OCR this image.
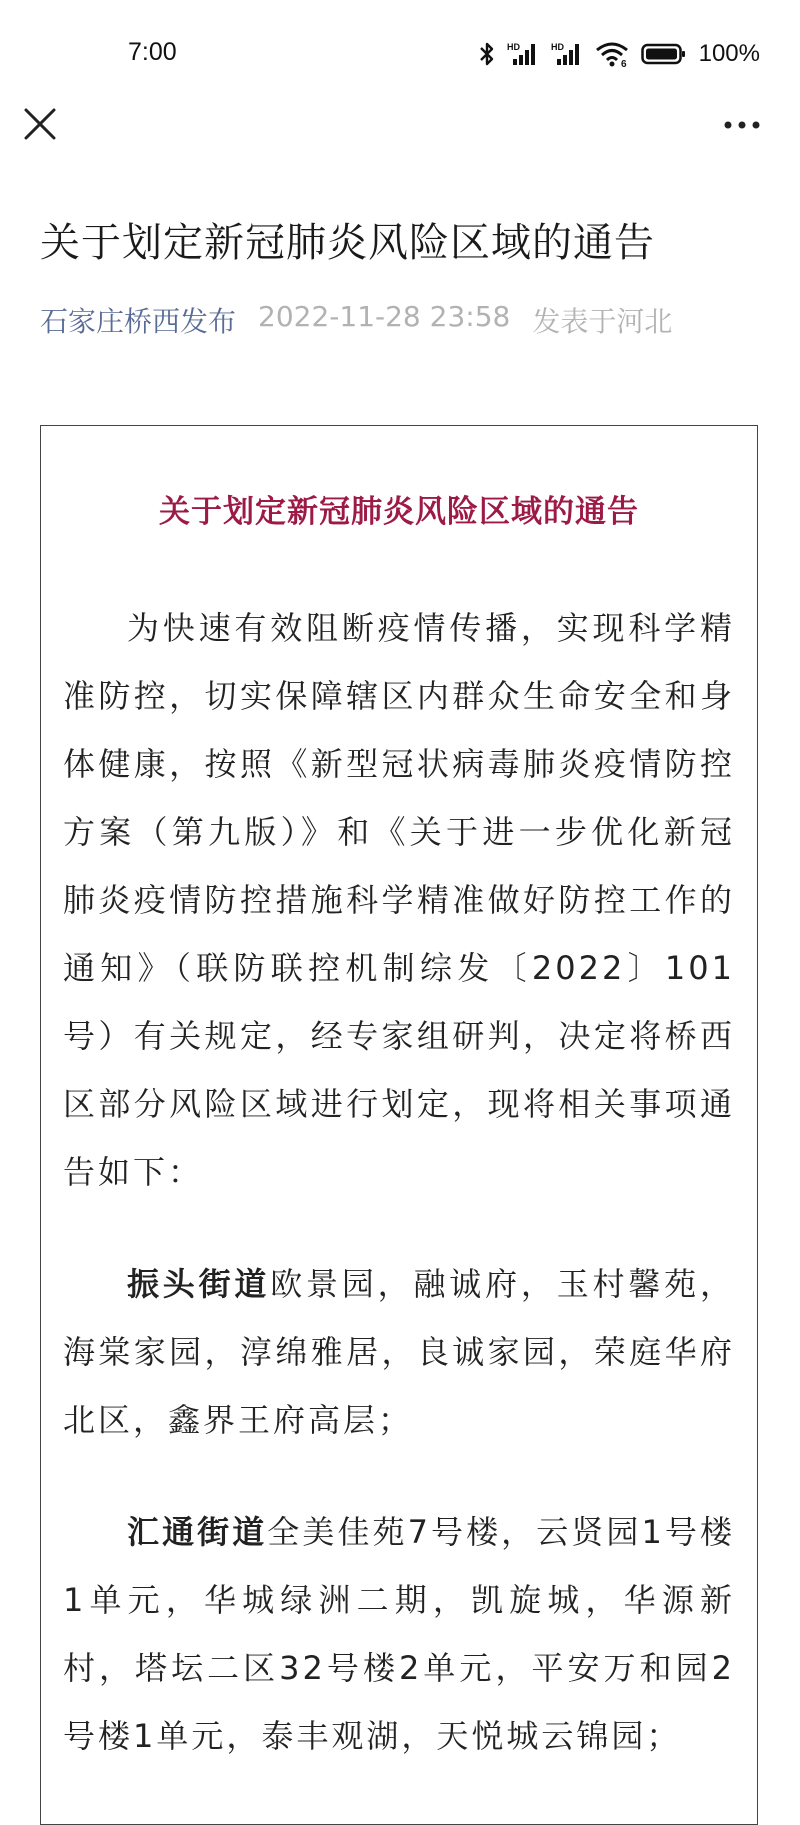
7:00	HD	HD
6	100%
关于划定新冠肺炎风险区域的通告
石家庄桥西发布 2022-11-28 23:58 发表于河北
关于划定新冠肺炎风险区域的通告

为快速有效阻断疫情传播，实现科学精准防控，切实保障辖区内群众生命安全和身体健康，按照《新型冠状病毒肺炎疫情防控方案（第九版）》和《关于进一步优化新冠肺炎疫情防控措施科学精准做好防控工作的通知》（联防联控机制综发〔2022〕101号）有关规定，经专家组研判，决定将桥西区部分风险区域进行划定，现将相关事项通告如下：

振头街道欧景园，融诚府，玉村馨苑，海棠家园，淳绵雅居，良诚家园，荣庭华府北区，鑫界王府高层；

汇通街道全美佳苑7号楼，云贤园1号楼1单元，华城绿洲二期，凯旋城，华源新村，塔坛二区32号楼2单元，平安万和园2号楼1单元，泰丰观湖，天悦城云锦园；
